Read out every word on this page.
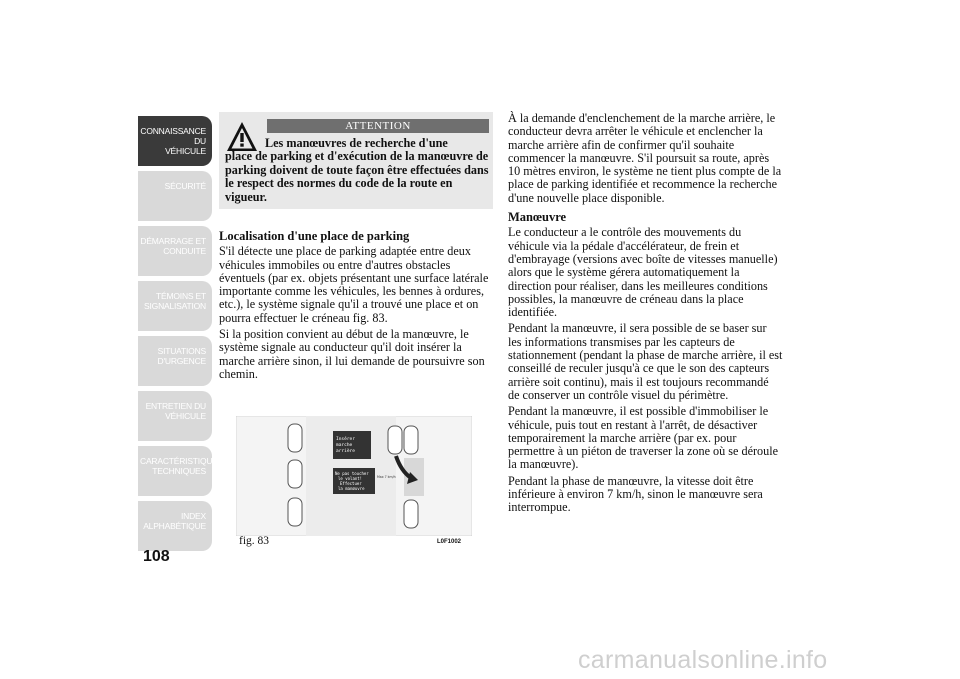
CONNAISSANCE DU
VÉHICULE
SÉCURITÉ
DÉMARRAGE ET
CONDUITE
TÉMOINS ET
SIGNALISATION
SITUATIONS
D'URGENCE
ENTRETIEN DU
VÉHICULE
CARACTÉRISTIQUES
TECHNIQUES
INDEX
ALPHABÉTIQUE
108
ATTENTION
Les manœuvres de recherche d'une
place de parking et d'exécution de la manœuvre de parking doivent de toute façon être effectuées dans le respect des normes du code de la route en vigueur.
Localisation d'une place de parking

S'il détecte une place de parking adaptée entre deux véhicules immobiles ou entre d'autres obstacles éventuels (par ex. objets présentant une surface latérale importante comme les véhicules, les bennes à ordures, etc.), le système signale qu'il a trouvé une place et on pourra effectuer le créneau fig. 83.

Si la position convient au début de la manœuvre, le système signale au conducteur qu'il doit insérer la marche arrière sinon, il lui demande de poursuivre son chemin.

Insérer
marche
arrière
Ne pas toucher
le volant!
Effectuer
la manœuvre
Max 7 km/h
fig. 83	L0F1002

À la demande d'enclenchement de la marche arrière, le conducteur devra arrêter le véhicule et enclencher la marche arrière afin de confirmer qu'il souhaite commencer la manœuvre. S'il poursuit sa route, après 10 mètres environ, le système ne tient plus compte de la place de parking identifiée et recommence la recherche d'une nouvelle place disponible.

Manœuvre

Le conducteur a le contrôle des mouvements du véhicule via la pédale d'accélérateur, de frein et d'embrayage (versions avec boîte de vitesses manuelle) alors que le système gérera automatiquement la direction pour réaliser, dans les meilleures conditions possibles, la manœuvre de créneau dans la place identifiée.

Pendant la manœuvre, il sera possible de se baser sur les informations transmises par les capteurs de stationnement (pendant la phase de marche arrière, il est conseillé de reculer jusqu'à ce que le son des capteurs arrière soit continu), mais il est toujours recommandé de conserver un contrôle visuel du périmètre.

Pendant la manœuvre, il est possible d'immobiliser le véhicule, puis tout en restant à l'arrêt, de désactiver temporairement la marche arrière (par ex. pour permettre à un piéton de traverser la zone où se déroule la manœuvre).

Pendant la phase de manœuvre, la vitesse doit être inférieure à environ 7 km/h, sinon le manœuvre sera interrompue.

carmanualsonline.info
